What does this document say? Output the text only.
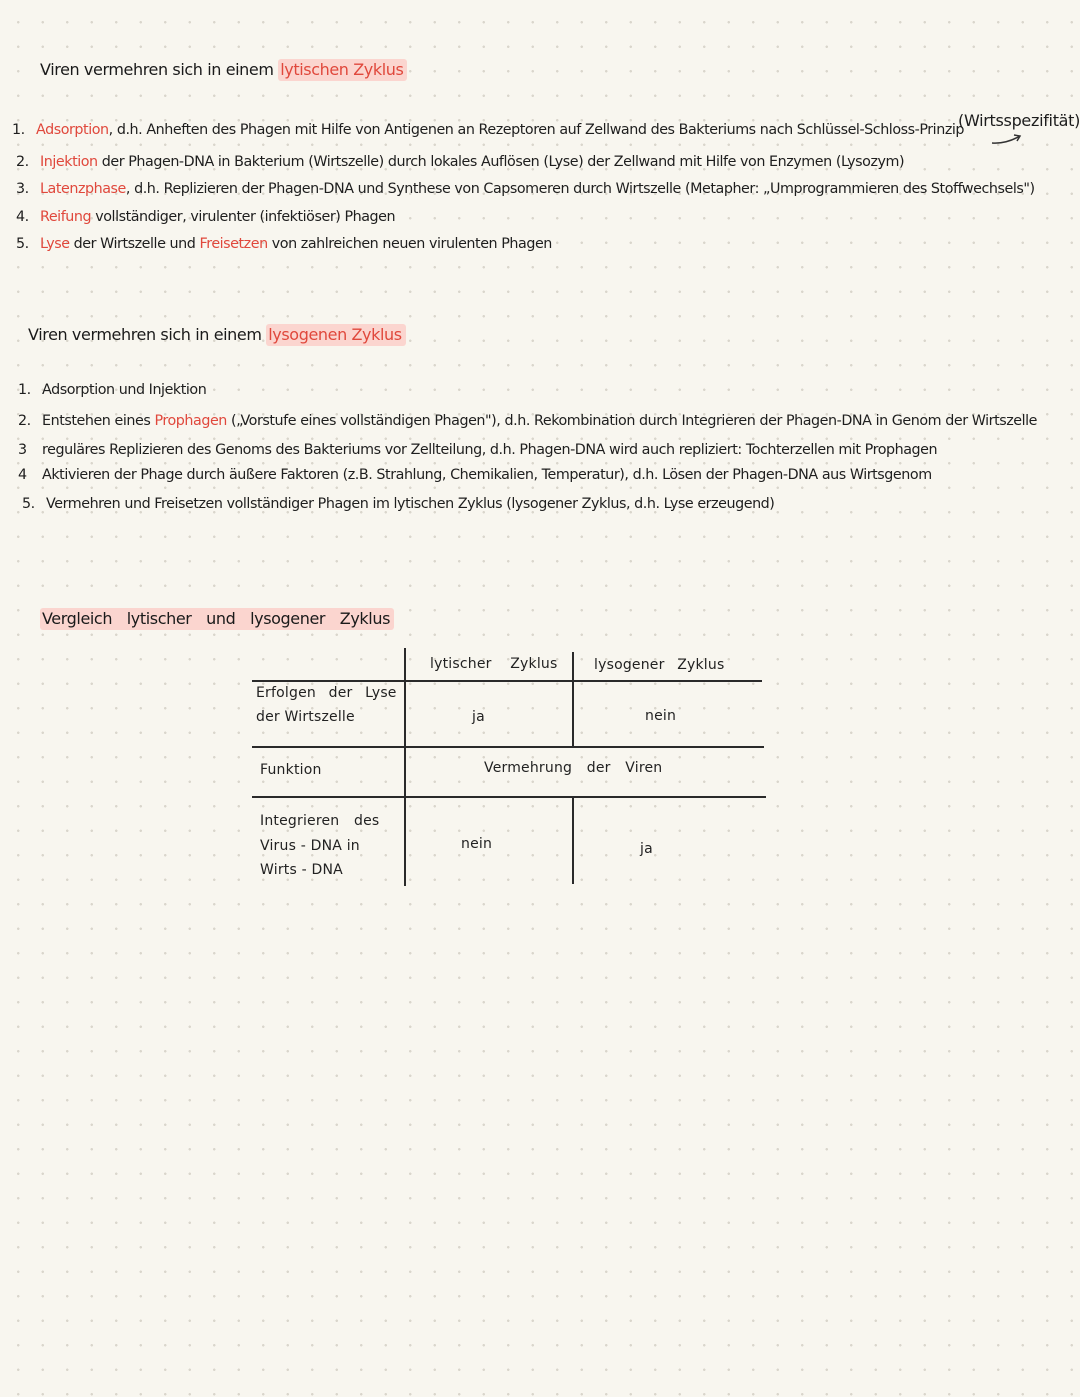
Viren vermehren sich in einem lytischen Zyklus
(Wirtsspezifität)
1. Adsorption, d.h. Anheften des Phagen mit Hilfe von Antigenen an Rezeptoren auf Zellwand des Bakteriums nach Schlüssel-Schloss-Prinzip
2. Injektion der Phagen-DNA in Bakterium (Wirtszelle) durch lokales Auflösen (Lyse) der Zellwand mit Hilfe von Enzymen (Lysozym)
3. Latenzphase, d.h. Replizieren der Phagen-DNA und Synthese von Capsomeren durch Wirtszelle (Metapher: „Umprogrammieren des Stoffwechsels")
4. Reifung vollständiger, virulenter (infektiöser) Phagen
5. Lyse der Wirtszelle und Freisetzen von zahlreichen neuen virulenten Phagen
Viren vermehren sich in einem lysogenen Zyklus
1. Adsorption und Injektion
2. Entstehen eines Prophagen („Vorstufe eines vollständigen Phagen"), d.h. Rekombination durch Integrieren der Phagen-DNA in Genom der Wirtszelle
3 reguläres Replizieren des Genoms des Bakteriums vor Zellteilung, d.h. Phagen-DNA wird auch repliziert: Tochterzellen mit Prophagen
4 Aktivieren der Phage durch äußere Faktoren (z.B. Strahlung, Chemikalien, Temperatur), d.h. Lösen der Phagen-DNA aus Wirtsgenom
5. Vermehren und Freisetzen vollständiger Phagen im lytischen Zyklus (lysogener Zyklus, d.h. Lyse erzeugend)
Vergleich lytischer und lysogener Zyklus
lytischer Zyklus	lysogener Zyklus
Erfolgen der Lyse
der Wirtszelle	ja	nein
Funktion	Vermehrung der Viren
Integrieren des
Virus - DNA in
Wirts - DNA
nein	ja
